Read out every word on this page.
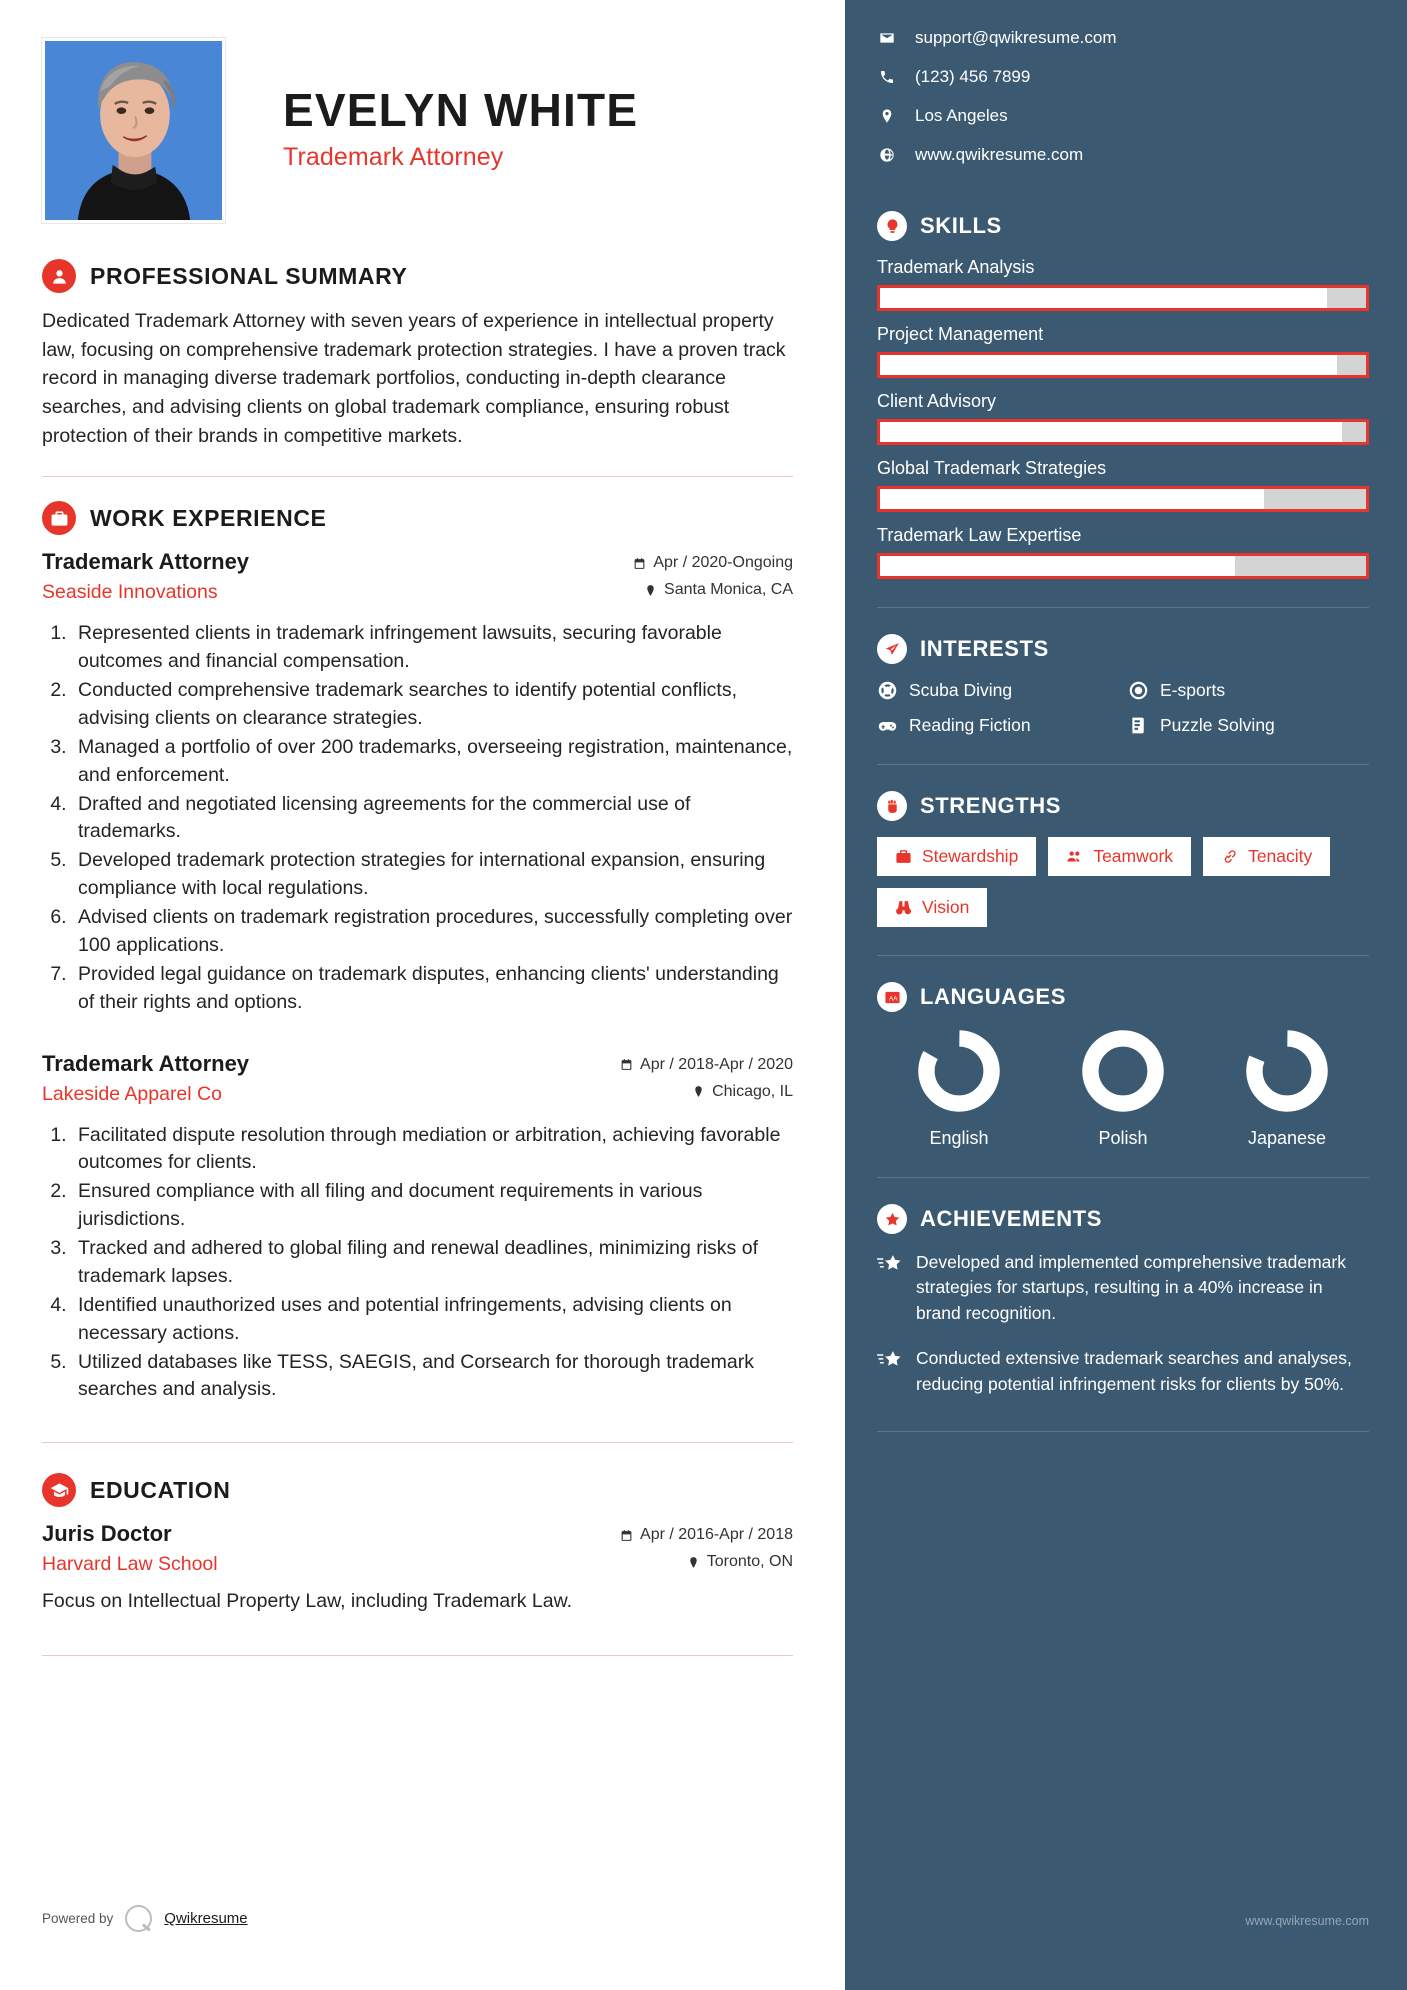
EVELYN WHITE
Trademark Attorney
PROFESSIONAL SUMMARY

Dedicated Trademark Attorney with seven years of experience in intellectual property law, focusing on comprehensive trademark protection strategies. I have a proven track record in managing diverse trademark portfolios, conducting in-depth clearance searches, and advising clients on global trademark compliance, ensuring robust protection of their brands in competitive markets.

WORK EXPERIENCE
Trademark Attorney
Seaside Innovations
Apr / 2020-Ongoing
Santa Monica, CA
1. Represented clients in trademark infringement lawsuits, securing favorable outcomes and financial compensation.
2. Conducted comprehensive trademark searches to identify potential conflicts, advising clients on clearance strategies.
3. Managed a portfolio of over 200 trademarks, overseeing registration, maintenance, and enforcement.
4. Drafted and negotiated licensing agreements for the commercial use of trademarks.
5. Developed trademark protection strategies for international expansion, ensuring compliance with local regulations.
6. Advised clients on trademark registration procedures, successfully completing over 100 applications.
7. Provided legal guidance on trademark disputes, enhancing clients' understanding of their rights and options.
Trademark Attorney
Lakeside Apparel Co
Apr / 2018-Apr / 2020
Chicago, IL
1. Facilitated dispute resolution through mediation or arbitration, achieving favorable outcomes for clients.
2. Ensured compliance with all filing and document requirements in various jurisdictions.
3. Tracked and adhered to global filing and renewal deadlines, minimizing risks of trademark lapses.
4. Identified unauthorized uses and potential infringements, advising clients on necessary actions.
5. Utilized databases like TESS, SAEGIS, and Corsearch for thorough trademark searches and analysis.
EDUCATION
Juris Doctor
Harvard Law School
Apr / 2016-Apr / 2018
Toronto, ON
Focus on Intellectual Property Law, including Trademark Law.
Powered by	Qwikresume
support@qwikresume.com
(123) 456 7899
Los Angeles
www.qwikresume.com
SKILLS
Trademark Analysis
Project Management
Client Advisory
Global Trademark Strategies
Trademark Law Expertise
INTERESTS
Scuba Diving	E-sports
Reading Fiction	Puzzle Solving
STRENGTHS
Stewardship	Teamwork	Tenacity
Vision
A A LANGUAGES
English	Polish	Japanese
ACHIEVEMENTS
Developed and implemented comprehensive trademark strategies for startups, resulting in a 40% increase in brand recognition.
Conducted extensive trademark searches and analyses, reducing potential infringement risks for clients by 50%.
www.qwikresume.com
